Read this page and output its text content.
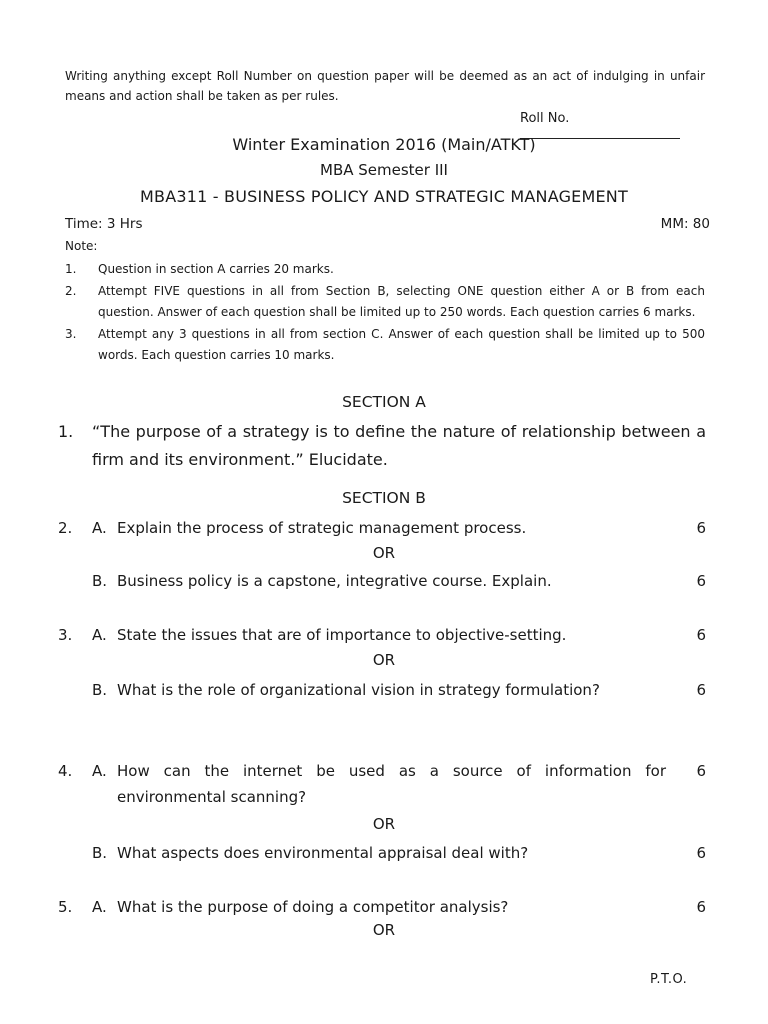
Writing anything except Roll Number on question paper will be deemed as an act of indulging in unfair means and action shall be taken as per rules.
Roll No.
Winter Examination 2016 (Main/ATKT)
MBA Semester III
MBA311 - BUSINESS POLICY AND STRATEGIC MANAGEMENT
Time: 3 Hrs	MM: 80
Note:
1.	Question in section A carries 20 marks.
2.	Attempt FIVE questions in all from Section B, selecting ONE question either A or B from each question. Answer of each question shall be limited up to 250 words. Each question carries 6 marks.
3.	Attempt any 3 questions in all from section C. Answer of each question shall be limited up to 500 words. Each question carries 10 marks.
SECTION A
1.	“The purpose of a strategy is to define the nature of relationship between a firm and its environment.” Elucidate.
SECTION B
2.	A. Explain the process of strategic management process.	6
OR
B. Business policy is a capstone, integrative course. Explain.	6
3.	A. State the issues that are of importance to objective-setting.	6
OR
B. What is the role of organizational vision in strategy formulation?	6
4.	A. How can the internet be used as a source of information for environmental scanning?
6
OR
B. What aspects does environmental appraisal deal with?	6
5.	A. What is the purpose of doing a competitor analysis?	6
OR
P.T.O.
